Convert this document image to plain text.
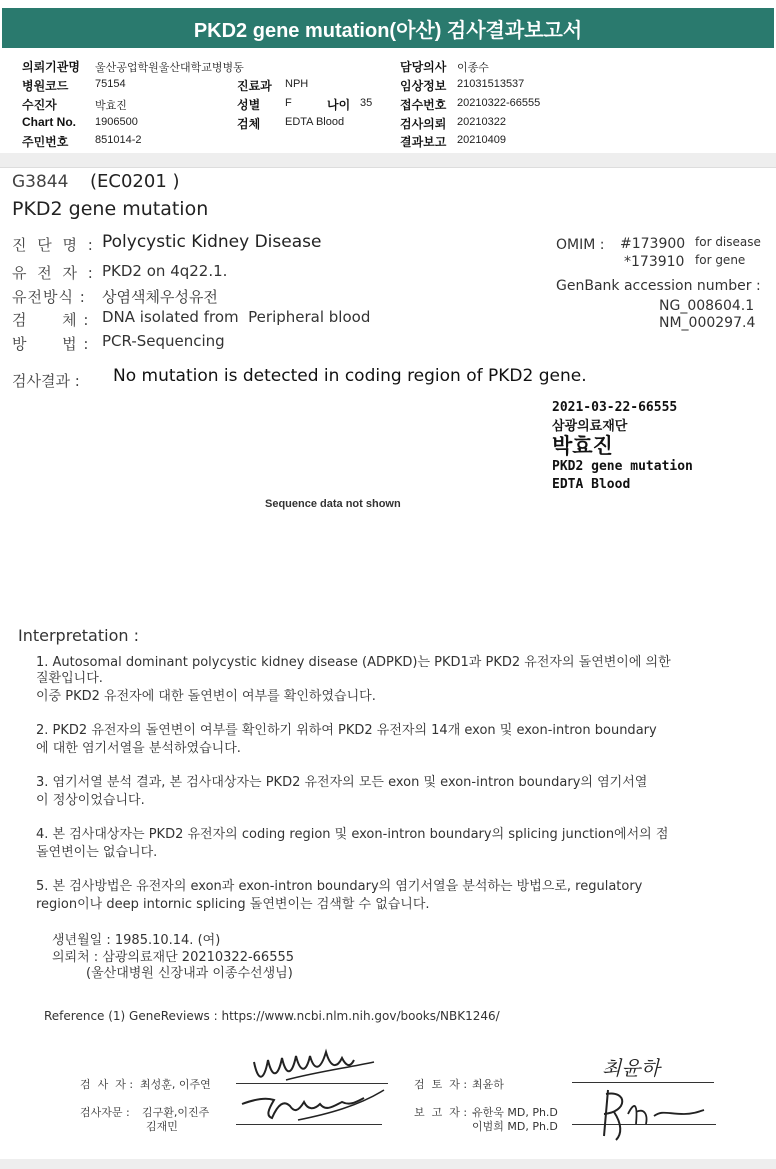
PKD2 gene mutation(아산) 검사결과보고서
의뢰기관명 울산공업학원울산대학교병병동
병원코드 75154
수진자	박효진
Chart No. 1906500
주민번호 851014-2
진료과 NPH
성별 F	나이 35
검체 EDTA Blood
담당의사 이종수
임상정보 21031513537
접수번호 20210322-66555
검사의뢰 20210322
결과보고 20210409
G3844 (EC0201 )
PKD2 gene mutation
진 단 명 : Polycystic Kidney Disease
유 전 자 : PKD2 on 4q22.1.
유전방식 : 상염색체우성유전
검      체 : DNA isolated from  Peripheral blood
방      법 : PCR-Sequencing
OMIM : #173900 for disease
*173910 for gene
GenBank accession number :
NG_008604.1
NM_000297.4
검사결과 : No mutation is detected in coding region of PKD2 gene.
2021-03-22-66555
삼광의료재단
박효진
PKD2 gene mutation
EDTA Blood
Sequence data not shown
Interpretation :
1. Autosomal dominant polycystic kidney disease (ADPKD)는 PKD1과 PKD2 유전자의 돌연변이에 의한
질환입니다.
이중 PKD2 유전자에 대한 돌연변이 여부를 확인하였습니다.
2. PKD2 유전자의 돌연변이 여부를 확인하기 위하여 PKD2 유전자의 14개 exon 및 exon-intron boundary
에 대한 염기서열을 분석하였습니다.
3. 염기서열 분석 결과, 본 검사대상자는 PKD2 유전자의 모든 exon 및 exon-intron boundary의 염기서열
이 정상이었습니다.
4. 본 검사대상자는 PKD2 유전자의 coding region 및 exon-intron boundary의 splicing junction에서의 점
돌연변이는 없습니다.
5. 본 검사방법은 유전자의 exon과 exon-intron boundary의 염기서열을 분석하는 방법으로, regulatory
region이나 deep intornic splicing 돌연변이는 검색할 수 없습니다.
생년월일 : 1985.10.14. (여)
의뢰처 : 삼광의료재단 20210322-66555
(울산대병원 신장내과 이종수선생님)
Reference (1) GeneReviews : https://www.ncbi.nlm.nih.gov/books/NBK1246/
검  사  자 : 최성훈, 이주연
검사자문 : 김구환,이진주
김재민
검  토  자 : 최윤하
최윤하
보  고  자 : 유한욱 MD, Ph.D
이범희 MD, Ph.D
